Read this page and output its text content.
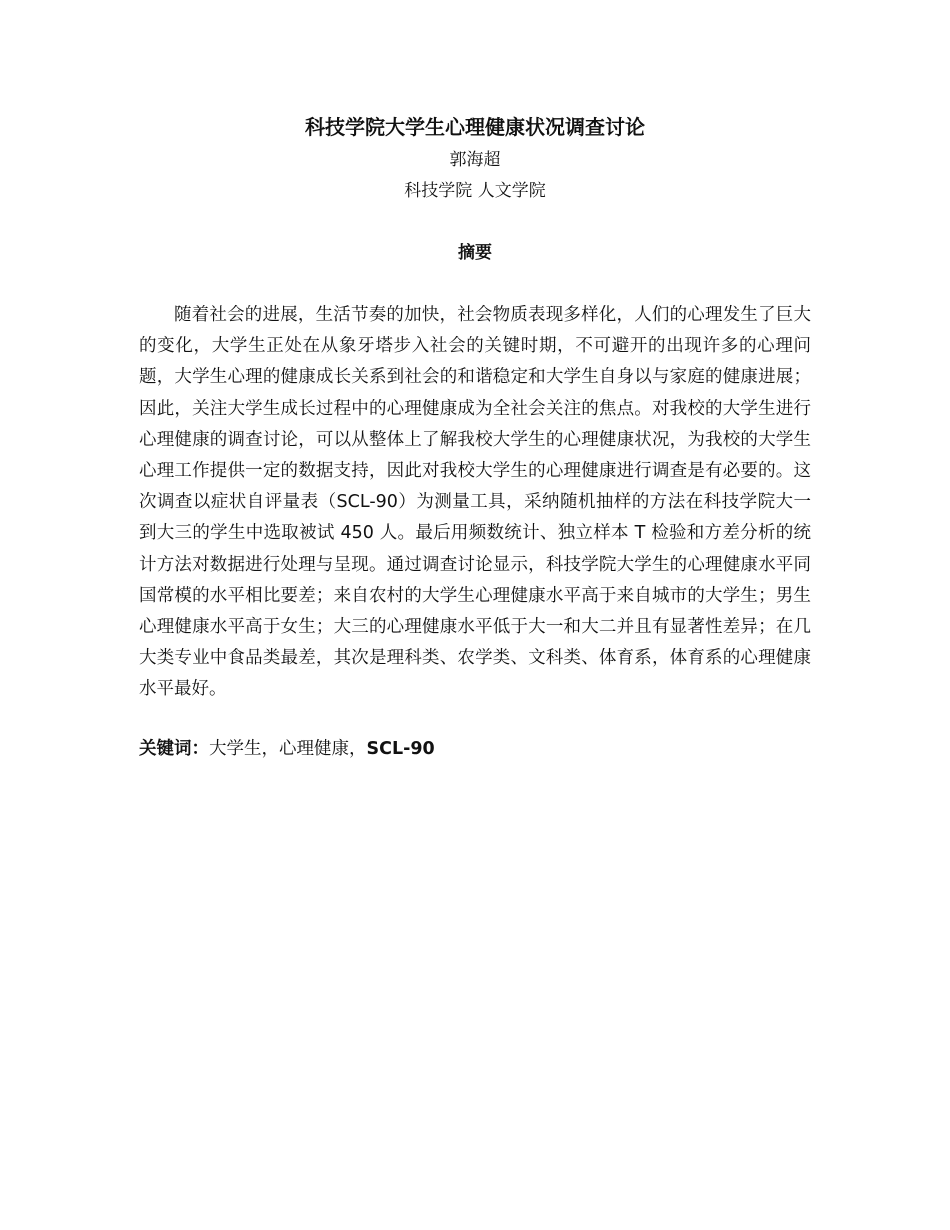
科技学院大学生心理健康状况调查讨论
郭海超
科技学院 人文学院
摘要

随着社会的进展，生活节奏的加快，社会物质表现多样化，人们的心理发生了巨大的变化，大学生正处在从象牙塔步入社会的关键时期，不可避开的出现许多的心理问题，大学生心理的健康成长关系到社会的和谐稳定和大学生自身以与家庭的健康进展；因此，关注大学生成长过程中的心理健康成为全社会关注的焦点。对我校的大学生进行心理健康的调查讨论，可以从整体上了解我校大学生的心理健康状况，为我校的大学生心理工作提供一定的数据支持，因此对我校大学生的心理健康进行调查是有必要的。这次调查以症状自评量表（SCL-90）为测量工具，采纳随机抽样的方法在科技学院大一到大三的学生中选取被试 450 人。最后用频数统计、独立样本 T 检验和方差分析的统计方法对数据进行处理与呈现。通过调查讨论显示，科技学院大学生的心理健康水平同国常模的水平相比要差；来自农村的大学生心理健康水平高于来自城市的大学生；男生心理健康水平高于女生；大三的心理健康水平低于大一和大二并且有显著性差异；在几大类专业中食品类最差，其次是理科类、农学类、文科类、体育系，体育系的心理健康水平最好。

关键词：大学生，心理健康，SCL-90
